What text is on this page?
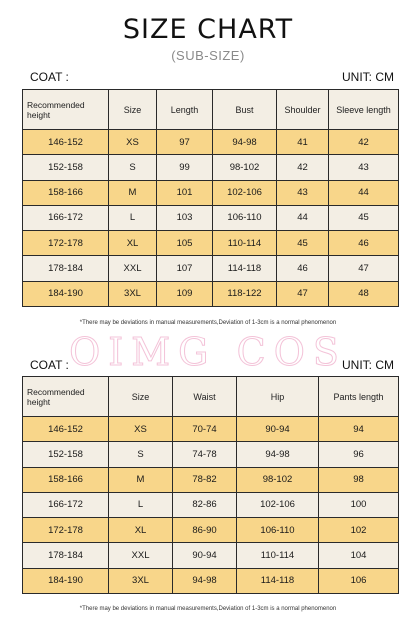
SIZE CHART
(SUB-SIZE)
COAT :	UNIT: CM
Recommended height	Size	Length	Bust	Shoulder	Sleeve length
146-152	XS	97	94-98	41	42
152-158	S	99	98-102	42	43
158-166	M	101	102-106	43	44
166-172	L	103	106-110	44	45
172-178	XL	105	110-114	45	46
178-184	XXL	107	114-118	46	47
184-190	3XL	109	118-122	47	48
*There may be deviations in manual measurements,Deviation of 1-3cm is a normal phenomenon
OIMG COS
COAT :	UNIT: CM
Recommended height	Size	Waist	Hip	Pants length
146-152	XS	70-74	90-94	94
152-158	S	74-78	94-98	96
158-166	M	78-82	98-102	98
166-172	L	82-86	102-106	100
172-178	XL	86-90	106-110	102
178-184	XXL	90-94	110-114	104
184-190	3XL	94-98	114-118	106
*There may be deviations in manual measurements,Deviation of 1-3cm is a normal phenomenon
